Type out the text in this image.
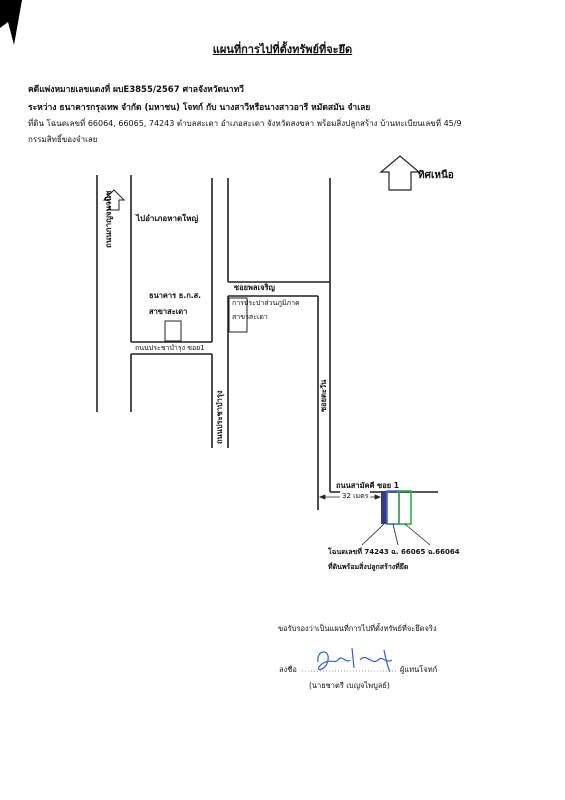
แผนที่การไปที่ตั้งทรัพย์ที่จะยึด
คดีแพ่งหมายเลขแดงที่ ผบE3855/2567 ศาลจังหวัดนาทวี
ระหว่าง ธนาคารกรุงเทพ จำกัด (มหาชน) โจทก์ กับ นางสาวีหรือนางสาวอารี หมัดสมัน จำเลย
ที่ดิน โฉนดเลขที่ 66064, 66065, 74243 ตำบลสะเดา อำเภอสะเดา จังหวัดสงขลา พร้อมสิ่งปลูกสร้าง บ้านทะเบียนเลขที่ 45/9
กรรมสิทธิ์ของจำเลย
ทิศเหนือ
ถนนกาญจนวนิช	ไปอำเภอหาดใหญ่
ธนาคาร ธ.ก.ส.
สาขาสะเดา
ถนนประชาบำรุง ซอย1
ถนนประชาบำรุง
ซอยพลเจริญ
การประปาส่วนภูมิภาค
สาขาสะเดา
ซอยตะวัน
ถนนสามัคคี ซอย 1
32 เมตร
โฉนดเลขที่ 74243 ฉ. 66065 ฉ.66064
ที่ดินพร้อมสิ่งปลูกสร้างที่ยึด
ขอรับรองว่าเป็นแผนที่การไปที่ตั้งทรัพย์ที่จะยึดจริง
ลงชื่อ	ผู้แทนโจทก์
(นายชาตรี เบญจไพบูลย์)
